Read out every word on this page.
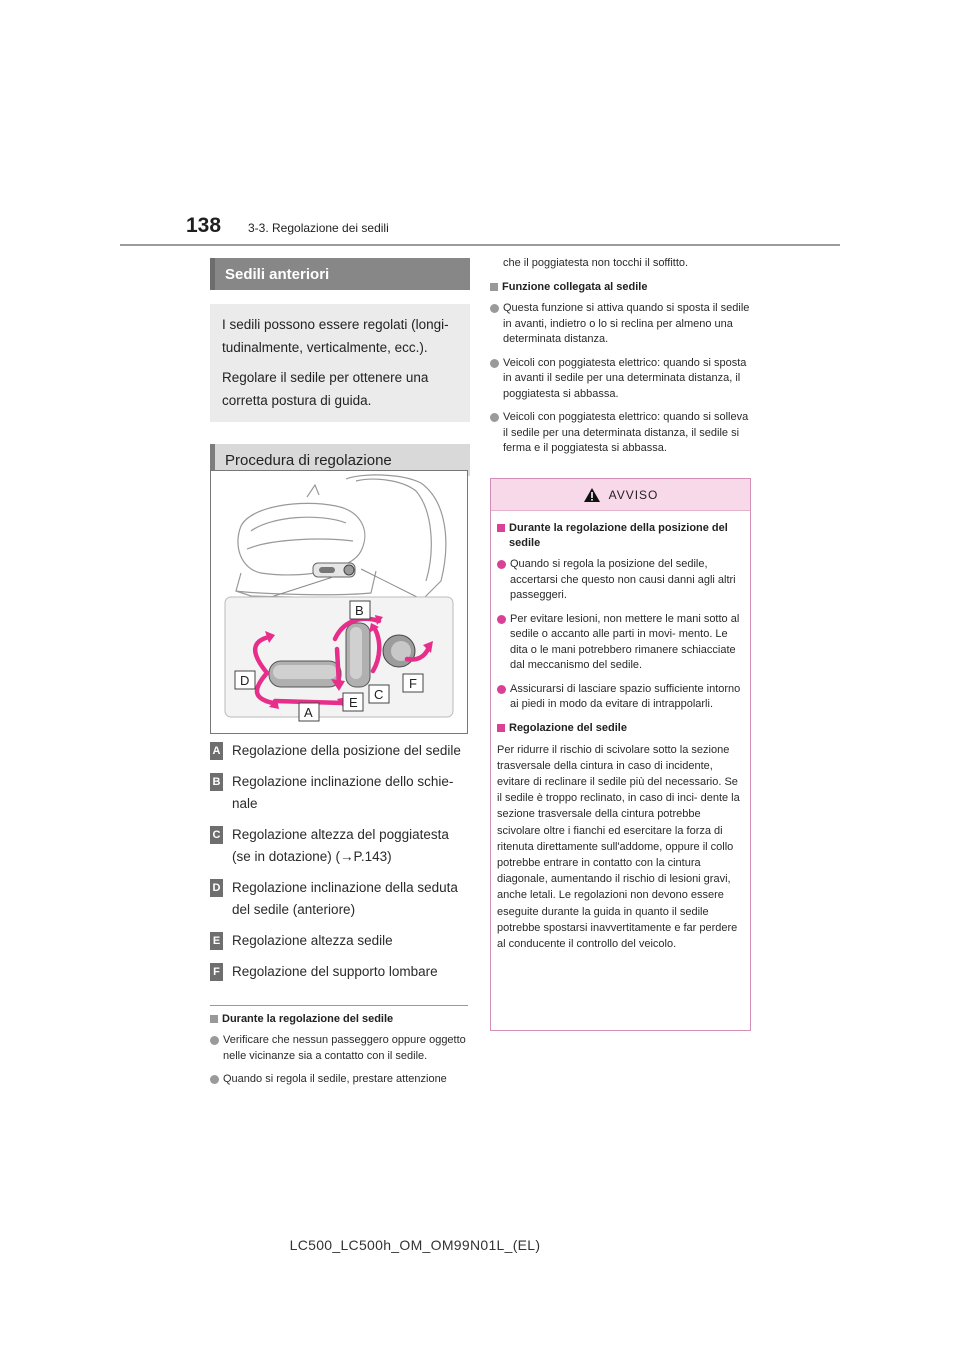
138 3-3. Regolazione dei sedili
Sedili anteriori

I sedili possono essere regolati (longi- tudinalmente, verticalmente, ecc.).

Regolare il sedile per ottenere una corretta postura di guida.

Procedura di regolazione
B
D
C
F
E
A
A Regolazione della posizione del sedile
B Regolazione inclinazione dello schie- nale
C Regolazione altezza del poggiatesta (se in dotazione) (→P.143)
D Regolazione inclinazione della seduta del sedile (anteriore)
E Regolazione altezza sedile
F Regolazione del supporto lombare
Durante la regolazione del sedile
Verificare che nessun passeggero oppure oggetto nelle vicinanze sia a contatto con il sedile.
Quando si regola il sedile, prestare attenzione
che il poggiatesta non tocchi il soffitto.
Funzione collegata al sedile
Questa funzione si attiva quando si sposta il sedile in avanti, indietro o lo si reclina per almeno una determinata distanza.
Veicoli con poggiatesta elettrico: quando si sposta in avanti il sedile per una determinata distanza, il poggiatesta si abbassa.
Veicoli con poggiatesta elettrico: quando si solleva il sedile per una determinata distanza, il sedile si ferma e il poggiatesta si abbassa.
AVVISO
Durante la regolazione della posizione del sedile
Quando si regola la posizione del sedile, accertarsi che questo non causi danni agli altri passeggeri.
Per evitare lesioni, non mettere le mani sotto al sedile o accanto alle parti in movi- mento. Le dita o le mani potrebbero rimanere schiacciate dal meccanismo del sedile.
Assicurarsi di lasciare spazio sufficiente intorno ai piedi in modo da evitare di intrappolarli.
Regolazione del sedile
Per ridurre il rischio di scivolare sotto la sezione trasversale della cintura in caso di incidente, evitare di reclinare il sedile più del necessario. Se il sedile è troppo reclinato, in caso di inci- dente la sezione trasversale della cintura potrebbe scivolare oltre i fianchi ed esercitare la forza di ritenuta direttamente sull'addome, oppure il collo potrebbe entrare in contatto con la cintura diagonale, aumentando il rischio di lesioni gravi, anche letali. Le regolazioni non devono essere eseguite durante la guida in quanto il sedile potrebbe spostarsi inavvertitamente e far perdere al conducente il controllo del veicolo.
LC500_LC500h_OM_OM99N01L_(EL)
